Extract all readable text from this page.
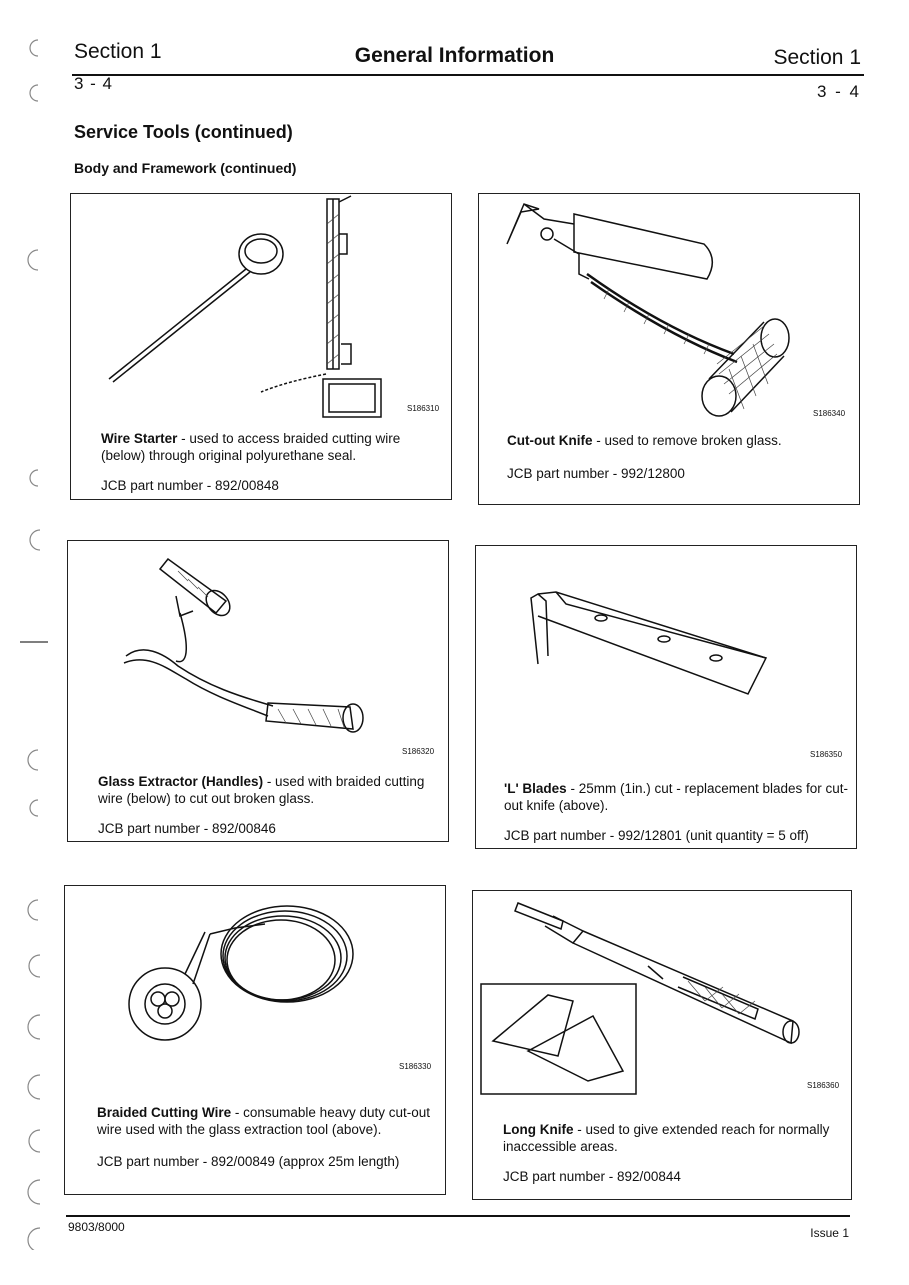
Section 1	General Information	Section 1
3 - 4	3 - 4
Service Tools (continued)
Body and Framework (continued)
S186310
Wire Starter - used to access braided cutting wire (below) through original polyurethane seal.
JCB part number - 892/00848
S186340
Cut-out Knife - used to remove broken glass.
JCB part number - 992/12800
S186320
Glass Extractor (Handles) - used with braided cutting wire (below) to cut out broken glass.
JCB part number - 892/00846
S186350
'L' Blades - 25mm (1in.) cut - replacement blades for cut-out knife (above).
JCB part number - 992/12801 (unit quantity = 5 off)
S186330
Braided Cutting Wire - consumable heavy duty cut-out wire used with the glass extraction tool (above).
JCB part number - 892/00849 (approx 25m length)
S186360
Long Knife - used to give extended reach for normally inaccessible areas.
JCB part number - 892/00844
9803/8000	Issue 1
